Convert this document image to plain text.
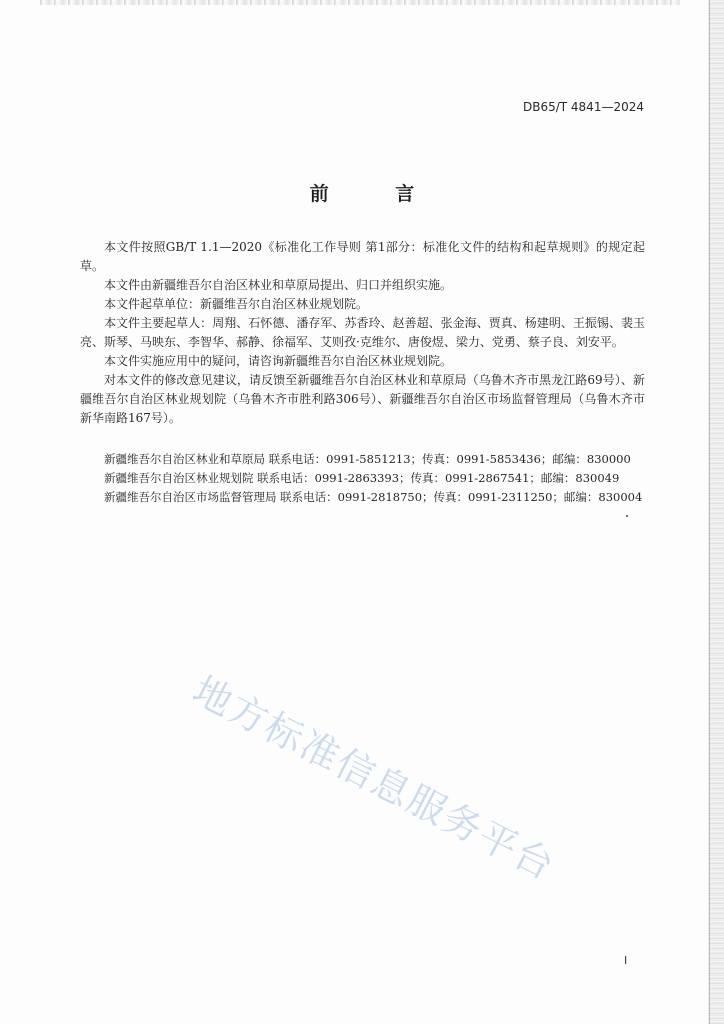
DB65/T 4841—2024
前 言

本文件按照GB/T 1.1—2020《标准化工作导则 第1部分：标准化文件的结构和起草规则》的规定起草。

本文件由新疆维吾尔自治区林业和草原局提出、归口并组织实施。

本文件起草单位：新疆维吾尔自治区林业规划院。

本文件主要起草人：周翔、石怀德、潘存军、苏香玲、赵善超、张金海、贾真、杨建明、王振锡、裴玉亮、斯琴、马映东、李智华、郝静、徐福军、艾则孜·克维尔、唐俊煜、梁力、党勇、蔡子良、刘安平。

本文件实施应用中的疑问，请咨询新疆维吾尔自治区林业规划院。

对本文件的修改意见建议，请反馈至新疆维吾尔自治区林业和草原局（乌鲁木齐市黑龙江路69号）、新疆维吾尔自治区林业规划院（乌鲁木齐市胜利路306号）、新疆维吾尔自治区市场监督管理局（乌鲁木齐市新华南路167号）。

新疆维吾尔自治区林业和草原局 联系电话：0991-5851213；传真：0991-5853436；邮编：830000
新疆维吾尔自治区林业规划院 联系电话：0991-2863393；传真：0991-2867541；邮编：830049
新疆维吾尔自治区市场监督管理局 联系电话：0991-2818750；传真：0991-2311250；邮编：830004
地方标准信息服务平台
I
